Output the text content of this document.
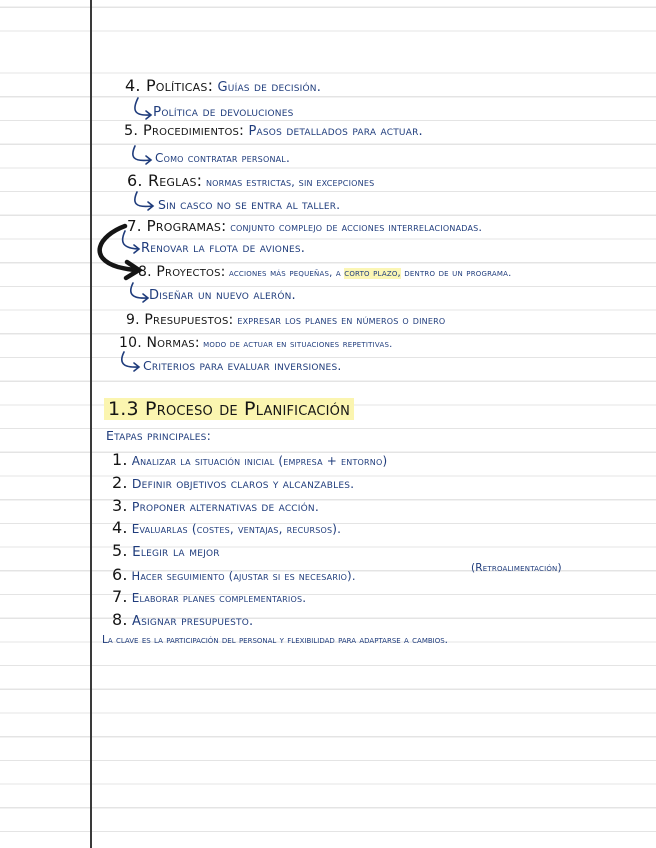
4. Políticas: Guías de decisión.
Política de devoluciones
5. Procedimientos: Pasos detallados para actuar.
Como contratar personal.
6. Reglas: normas estrictas, sin excepciones
Sin casco no se entra al taller.
7. Programas: conjunto complejo de acciones interrelacionadas.
Renovar la flota de aviones.
8. Proyectos: acciones más pequeñas, a corto plazo, dentro de un programa.
Diseñar un nuevo alerón.
9. Presupuestos: expresar los planes en números o dinero
10. Normas: modo de actuar en situaciones repetitivas.
Criterios para evaluar inversiones.
1.3 Proceso de Planificación
Etapas principales:
1. Analizar la situación inicial (empresa + entorno)
2. Definir objetivos claros y alcanzables.
3. Proponer alternativas de acción.
4. Evaluarlas (costes, ventajas, recursos).
5. Elegir la mejor
6. Hacer seguimiento (ajustar si es necesario).
(Retroalimentación)
7. Elaborar planes complementarios.
8. Asignar presupuesto.
La clave es la participación del personal y flexibilidad para adaptarse a cambios.
